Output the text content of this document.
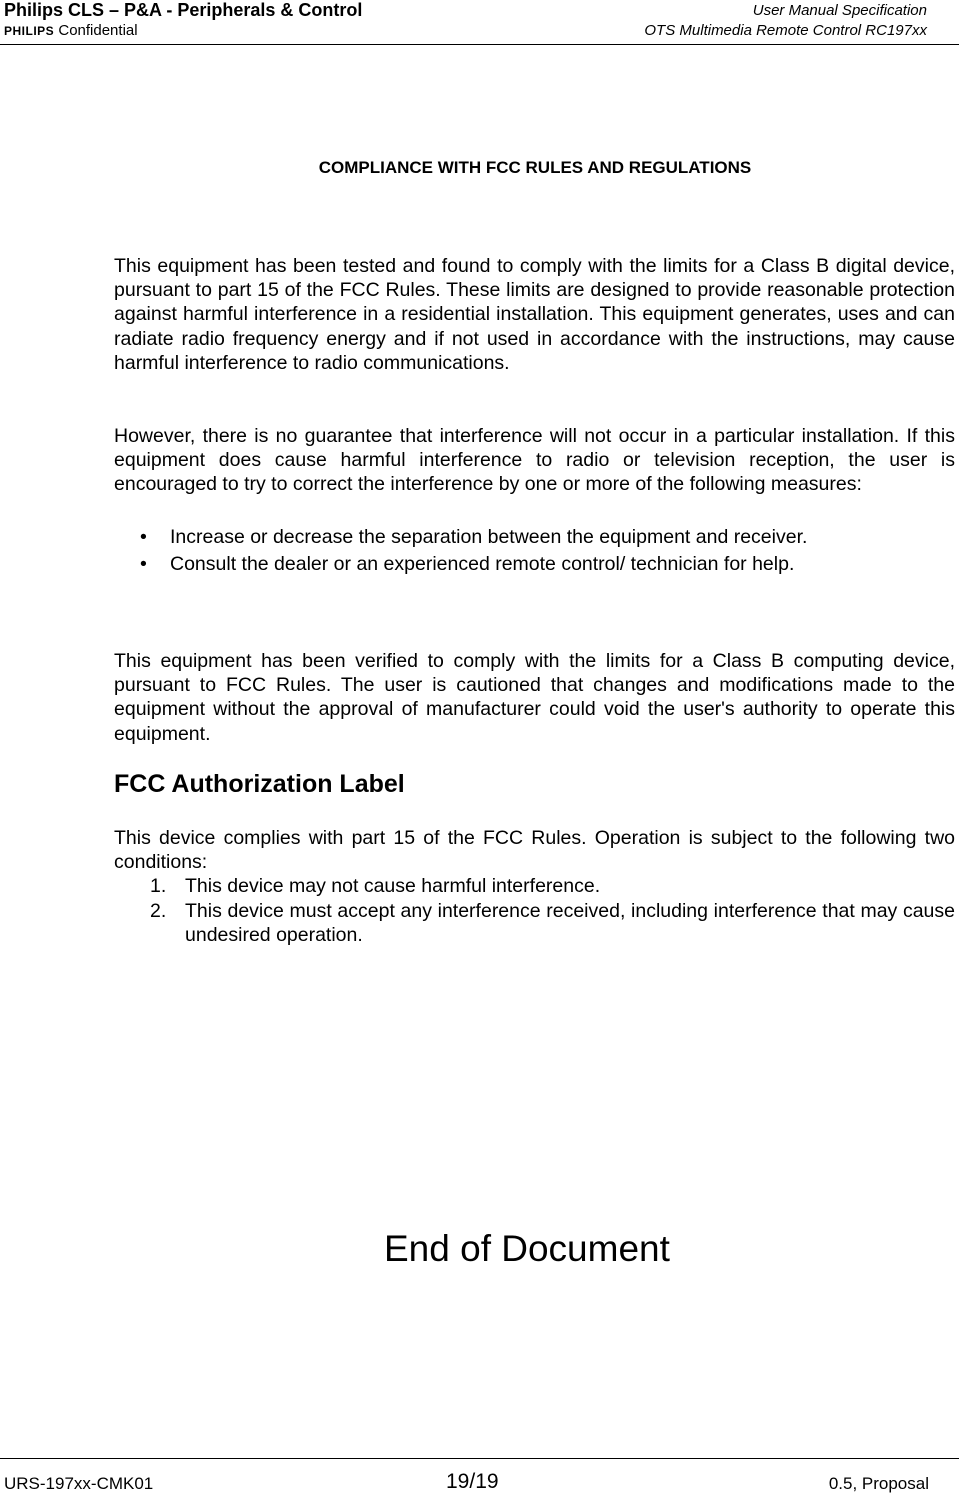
Philips CLS – P&A - Peripherals & Control	User Manual Specification
PHILIPS Confidential	OTS Multimedia Remote Control RC197xx
COMPLIANCE WITH FCC RULES AND REGULATIONS

This equipment has been tested and found to comply with the limits for a Class B digital device, pursuant to part 15 of the FCC Rules. These limits are designed to provide reasonable protection against harmful interference in a residential installation. This equipment generates, uses and can radiate radio frequency energy and if not used in accordance with the instructions, may cause harmful interference to radio communications.

However, there is no guarantee that interference will not occur in a particular installation. If this equipment does cause harmful interference to radio or television reception, the user is encouraged to try to correct the interference by one or more of the following measures:

• Increase or decrease the separation between the equipment and receiver.
• Consult the dealer or an experienced remote control/ technician for help.

This equipment has been verified to comply with the limits for a Class B computing device, pursuant to FCC Rules. The user is cautioned that changes and modifications made to the equipment without the approval of manufacturer could void the user's authority to operate this equipment.

FCC Authorization Label

This device complies with part 15 of the FCC Rules. Operation is subject to the following two conditions:

1. This device may not cause harmful interference.
2. This device must accept any interference received, including interference that may cause undesired operation.
End of Document
URS-197xx-CMK01	19/19	0.5, Proposal
